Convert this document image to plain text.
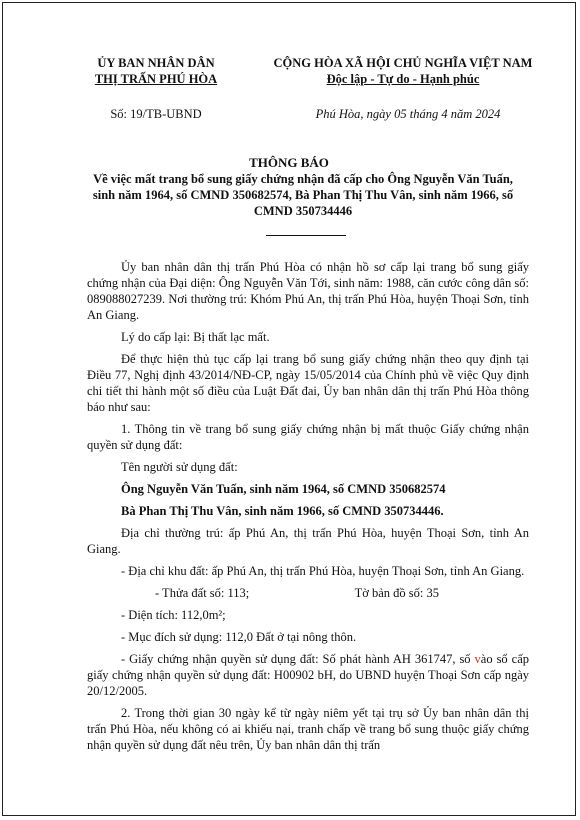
ỦY BAN NHÂN DÂN

THỊ TRẤN PHÚ HÒA

CỘNG HÒA XÃ HỘI CHỦ NGHĨA VIỆT NAM

Độc lập - Tự do - Hạnh phúc

Số: 19/TB-UBND	Phú Hòa, ngày 05 tháng 4 năm 2024
THÔNG BÁO
Về việc mất trang bổ sung giấy chứng nhận đã cấp cho Ông Nguyễn Văn Tuấn, sinh năm 1964, số CMND 350682574, Bà Phan Thị Thu Vân, sinh năm 1966, số CMND 350734446

Ủy ban nhân dân thị trấn Phú Hòa có nhận hồ sơ cấp lại trang bổ sung giấy chứng nhận của Đại diện: Ông Nguyễn Văn Tới, sinh năm: 1988, căn cước công dân số: 089088027239. Nơi thường trú: Khóm Phú An, thị trấn Phú Hòa, huyện Thoại Sơn, tỉnh An Giang.

Lý do cấp lại: Bị thất lạc mất.

Để thực hiện thủ tục cấp lại trang bổ sung giấy chứng nhận theo quy định tại Điều 77, Nghị định 43/2014/NĐ-CP, ngày 15/05/2014 của Chính phủ về việc Quy định chi tiết thi hành một số điều của Luật Đất đai, Ủy ban nhân dân thị trấn Phú Hòa thông báo như sau:

1. Thông tin về trang bổ sung giấy chứng nhận bị mất thuộc Giấy chứng nhận quyền sử dụng đất:

Tên người sử dụng đất:

Ông Nguyễn Văn Tuấn, sinh năm 1964, số CMND 350682574

Bà Phan Thị Thu Vân, sinh năm 1966, số CMND 350734446.

Địa chỉ thường trú: ấp Phú An, thị trấn Phú Hòa, huyện Thoại Sơn, tỉnh An Giang.

- Địa chỉ khu đất: ấp Phú An, thị trấn Phú Hòa, huyện Thoại Sơn, tỉnh An Giang.

- Thửa đất số: 113;	Tờ bản đồ số: 35

- Diện tích: 112,0m²;

- Mục đích sử dụng: 112,0 Đất ở tại nông thôn.

- Giấy chứng nhận quyền sử dụng đất: Số phát hành AH 361747, số vào sổ cấp giấy chứng nhận quyền sử dụng đất: H00902 bH, do UBND huyện Thoại Sơn cấp ngày 20/12/2005.

2. Trong thời gian 30 ngày kể từ ngày niêm yết tại trụ sở Ủy ban nhân dân thị trấn Phú Hòa, nếu không có ai khiếu nại, tranh chấp về trang bổ sung thuộc giấy chứng nhận quyền sử dụng đất nêu trên, Ủy ban nhân dân thị trấn
